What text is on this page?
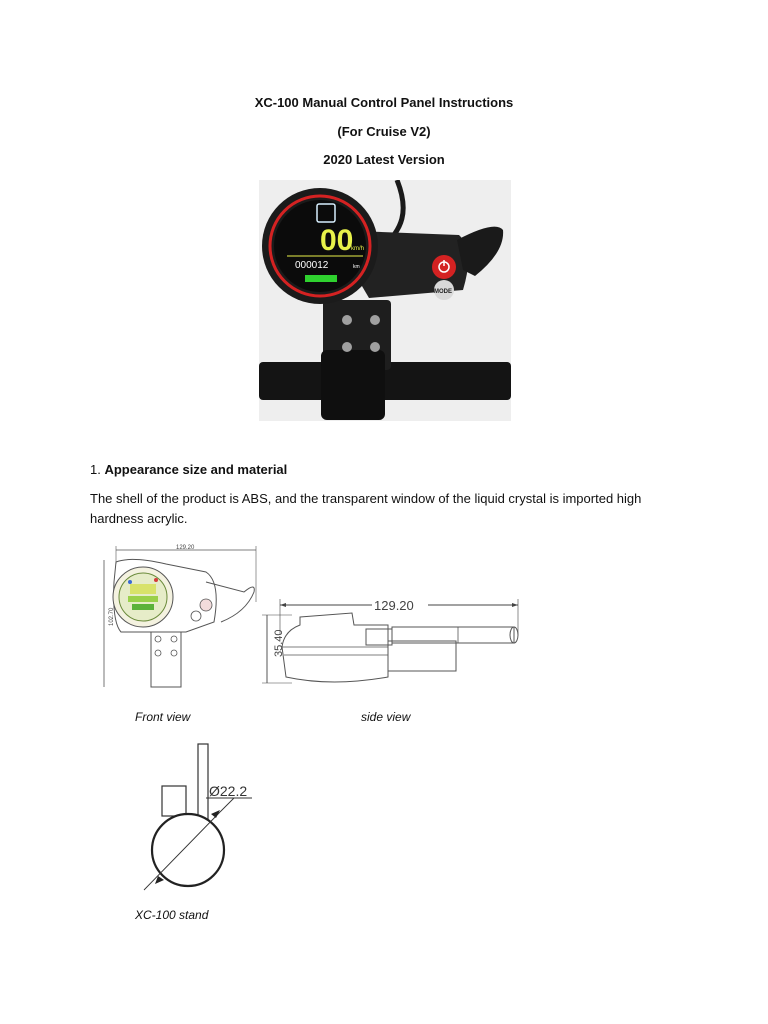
XC-100 Manual Control Panel Instructions
(For Cruise V2)
2020 Latest Version
00
km/h
000012	km
MODE
1. Appearance size and material
The shell of the product is ABS, and the transparent window of the liquid crystal is imported high hardness acrylic.
129.20
102.70
129.20
35.40
Front view	side view
Ø22.2
XC-100 stand
